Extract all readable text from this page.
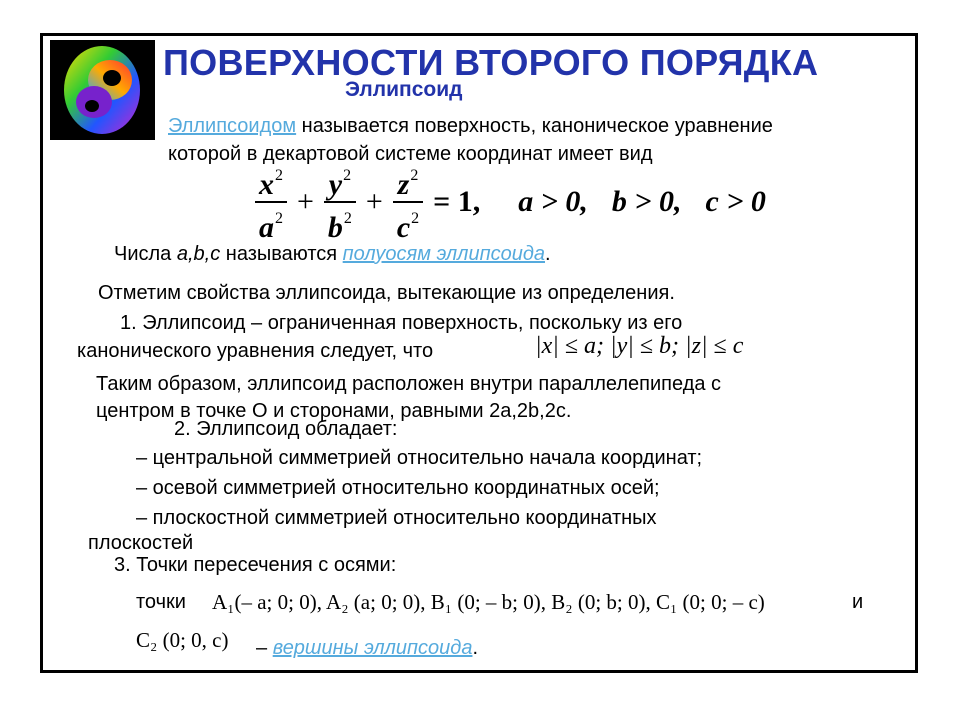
ПОВЕРХНОСТИ ВТОРОГО ПОРЯДКА
Эллипсоид
Эллипсоидом называется поверхность, каноническое уравнение
которой в декартовой системе координат имеет вид
$\frac{x^2}{a^2} + \frac{y^2}{b^2} + \frac{z^2}{c^2} = 1$, a > 0, b > 0, c > 0
Числа a,b,c называются полуосям эллипсоида.
Отметим свойства эллипсоида, вытекающие из определения.
1. Эллипсоид – ограниченная поверхность, поскольку из его
канонического уравнения следует, что	|x| ≤ a; |y| ≤ b; |z| ≤ c
Таким образом, эллипсоид расположен внутри параллелепипеда с
центром в точке O и сторонами, равными 2a,2b,2c.
2. Эллипсоид обладает:
– центральной симметрией относительно начала координат;
– осевой симметрией относительно координатных осей;
– плоскостной симметрией относительно координатных
плоскостей
3. Точки пересечения с осями:
точки A₁(– a; 0; 0), A₂ (a; 0; 0), B₁ (0; – b; 0), B₂ (0; b; 0), C₁ (0; 0; – c)	и
C₂ (0; 0, c) – вершины эллипсоида.
